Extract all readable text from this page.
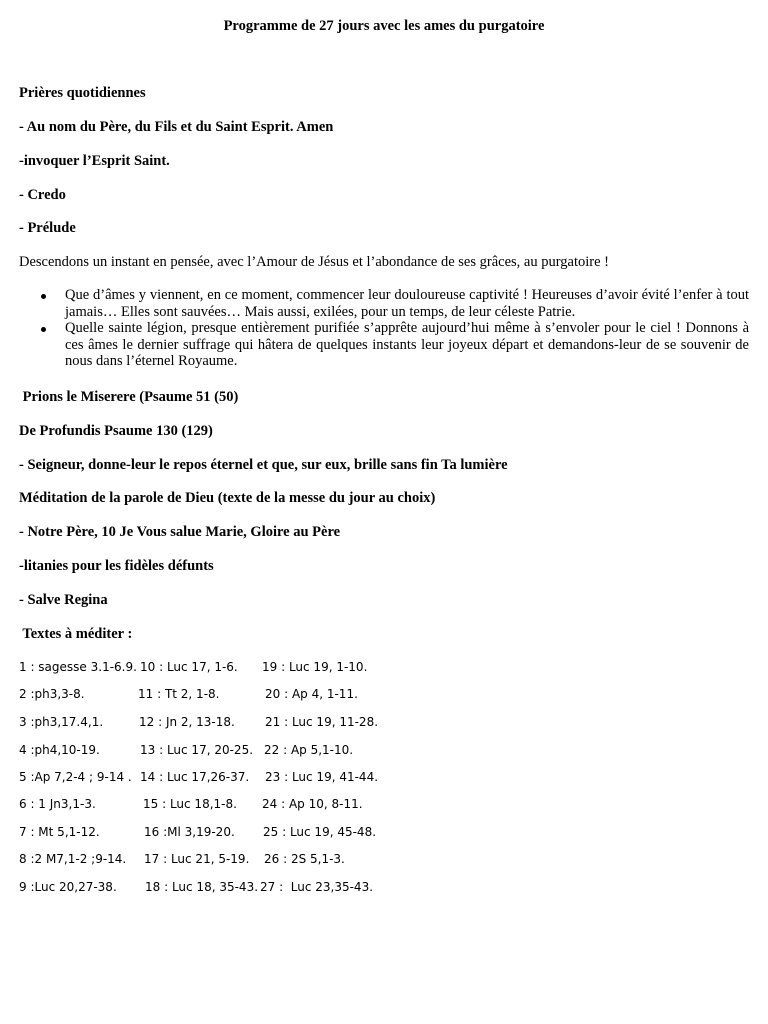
Programme de 27 jours avec les ames du purgatoire
Prières quotidiennes
- Au nom du Père, du Fils et du Saint Esprit. Amen
-invoquer l’Esprit Saint.
- Credo
- Prélude
Descendons un instant en pensée, avec l’Amour de Jésus et l’abondance de ses grâces, au purgatoire !
Que d’âmes y viennent, en ce moment, commencer leur douloureuse captivité ! Heureuses d’avoir évité l’enfer à tout jamais… Elles sont sauvées… Mais aussi, exilées, pour un temps, de leur céleste Patrie.
Quelle sainte légion, presque entièrement purifiée s’apprête aujourd’hui même à s’envoler pour le ciel ! Donnons à ces âmes le dernier suffrage qui hâtera de quelques instants leur joyeux départ et demandons-leur de se souvenir de nous dans l’éternel Royaume.
Prions le Miserere (Psaume 51 (50)
De Profundis Psaume 130 (129)
- Seigneur, donne-leur le repos éternel et que, sur eux, brille sans fin Ta lumière
Méditation de la parole de Dieu (texte de la messe du jour au choix)
- Notre Père, 10 Je Vous salue Marie, Gloire au Père
-litanies pour les fidèles défunts
- Salve Regina
Textes à méditer :
1 : sagesse 3.1-6.9. 10 : Luc 17, 1-6. 19 : Luc 19, 1-10.
2 :ph3,3-8.	11 : Tt 2, 1-8.	20 : Ap 4, 1-11.
3 :ph3,17.4,1.	12 : Jn 2, 13-18.	21 : Luc 19, 11-28.
4 :ph4,10-19.	13 : Luc 17, 20-25. 22 : Ap 5,1-10.
5 :Ap 7,2-4 ; 9-14 . 14 : Luc 17,26-37. 23 : Luc 19, 41-44.
6 : 1 Jn3,1-3.	15 : Luc 18,1-8. 24 : Ap 10, 8-11.
7 : Mt 5,1-12.	16 :Ml 3,19-20. 25 : Luc 19, 45-48.
8 :2 M7,1-2 ;9-14. 17 : Luc 21, 5-19. 26 : 2S 5,1-3.
9 :Luc 20,27-38. 18 : Luc 18, 35-43. 27 :  Luc 23,35-43.
